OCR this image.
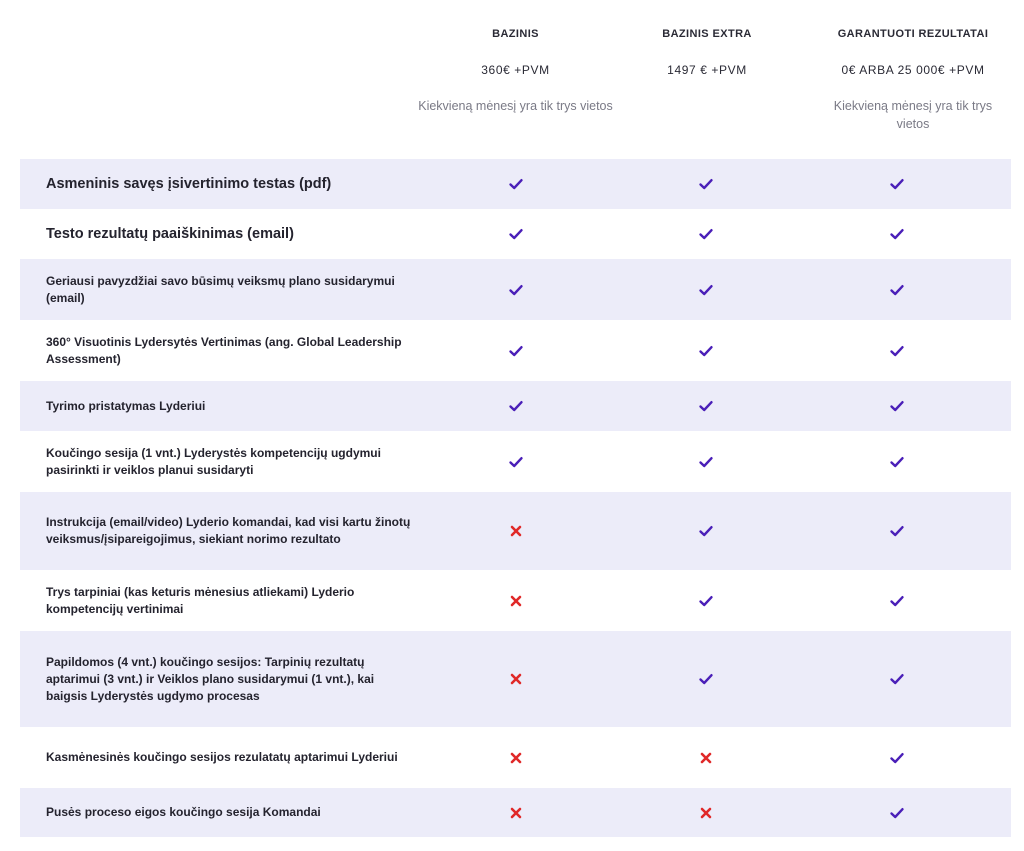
BAZINIS
360€ +PVM
Kiekvieną mėnesį yra tik trys vietos
BAZINIS EXTRA
1497 € +PVM
GARANTUOTI REZULTATAI
0€ ARBA 25 000€ +PVM
Kiekvieną mėnesį yra tik trys vietos
Asmeninis savęs įsivertinimo testas (pdf)
Testo rezultatų paaiškinimas (email)
Geriausi pavyzdžiai savo būsimų veiksmų plano susidarymui (email)
360° Visuotinis Lydersytės Vertinimas (ang. Global Leadership Assessment)
Tyrimo pristatymas Lyderiui
Koučingo sesija (1 vnt.) Lyderystės kompetencijų ugdymui pasirinkti ir veiklos planui susidaryti
Instrukcija (email/video) Lyderio komandai, kad visi kartu žinotų veiksmus/įsipareigojimus, siekiant norimo rezultato
Trys tarpiniai (kas keturis mėnesius atliekami) Lyderio kompetencijų vertinimai
Papildomos (4 vnt.) koučingo sesijos: Tarpinių rezultatų aptarimui (3 vnt.) ir Veiklos plano susidarymui (1 vnt.), kai baigsis Lyderystės ugdymo procesas
Kasmėnesinės koučingo sesijos rezulatatų aptarimui Lyderiui
Pusės proceso eigos koučingo sesija Komandai
